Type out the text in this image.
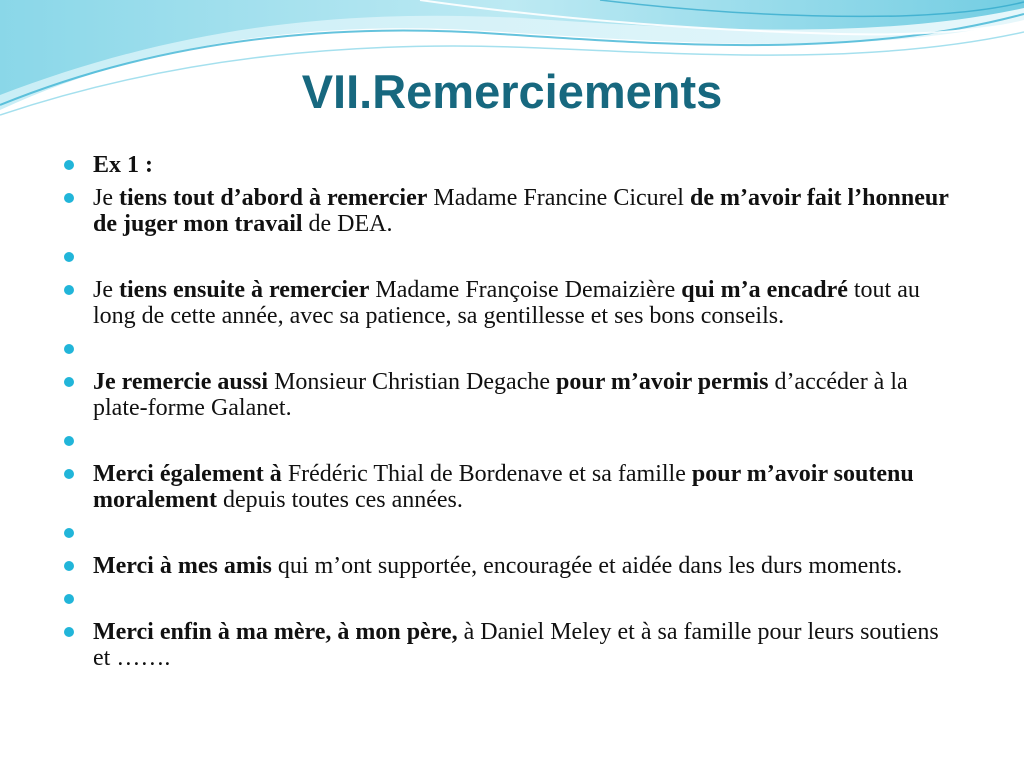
VII.Remerciements
Ex 1 :
Je tiens tout d’abord à remercier Madame Francine Cicurel de m’avoir fait l’honneur de juger mon travail de DEA.
Je tiens ensuite à remercier Madame Françoise Demaizière qui m’a encadré tout au long de cette année, avec sa patience, sa gentillesse et ses bons conseils.
Je remercie aussi Monsieur Christian Degache pour m’avoir permis d’accéder à la plate-forme Galanet.
Merci également à Frédéric Thial de Bordenave et sa famille pour m’avoir soutenu moralement depuis toutes ces années.
Merci à mes amis qui m’ont supportée, encouragée et aidée dans les durs moments.
Merci enfin à ma mère, à mon père, à Daniel Meley et à sa famille pour leurs soutiens et …….
